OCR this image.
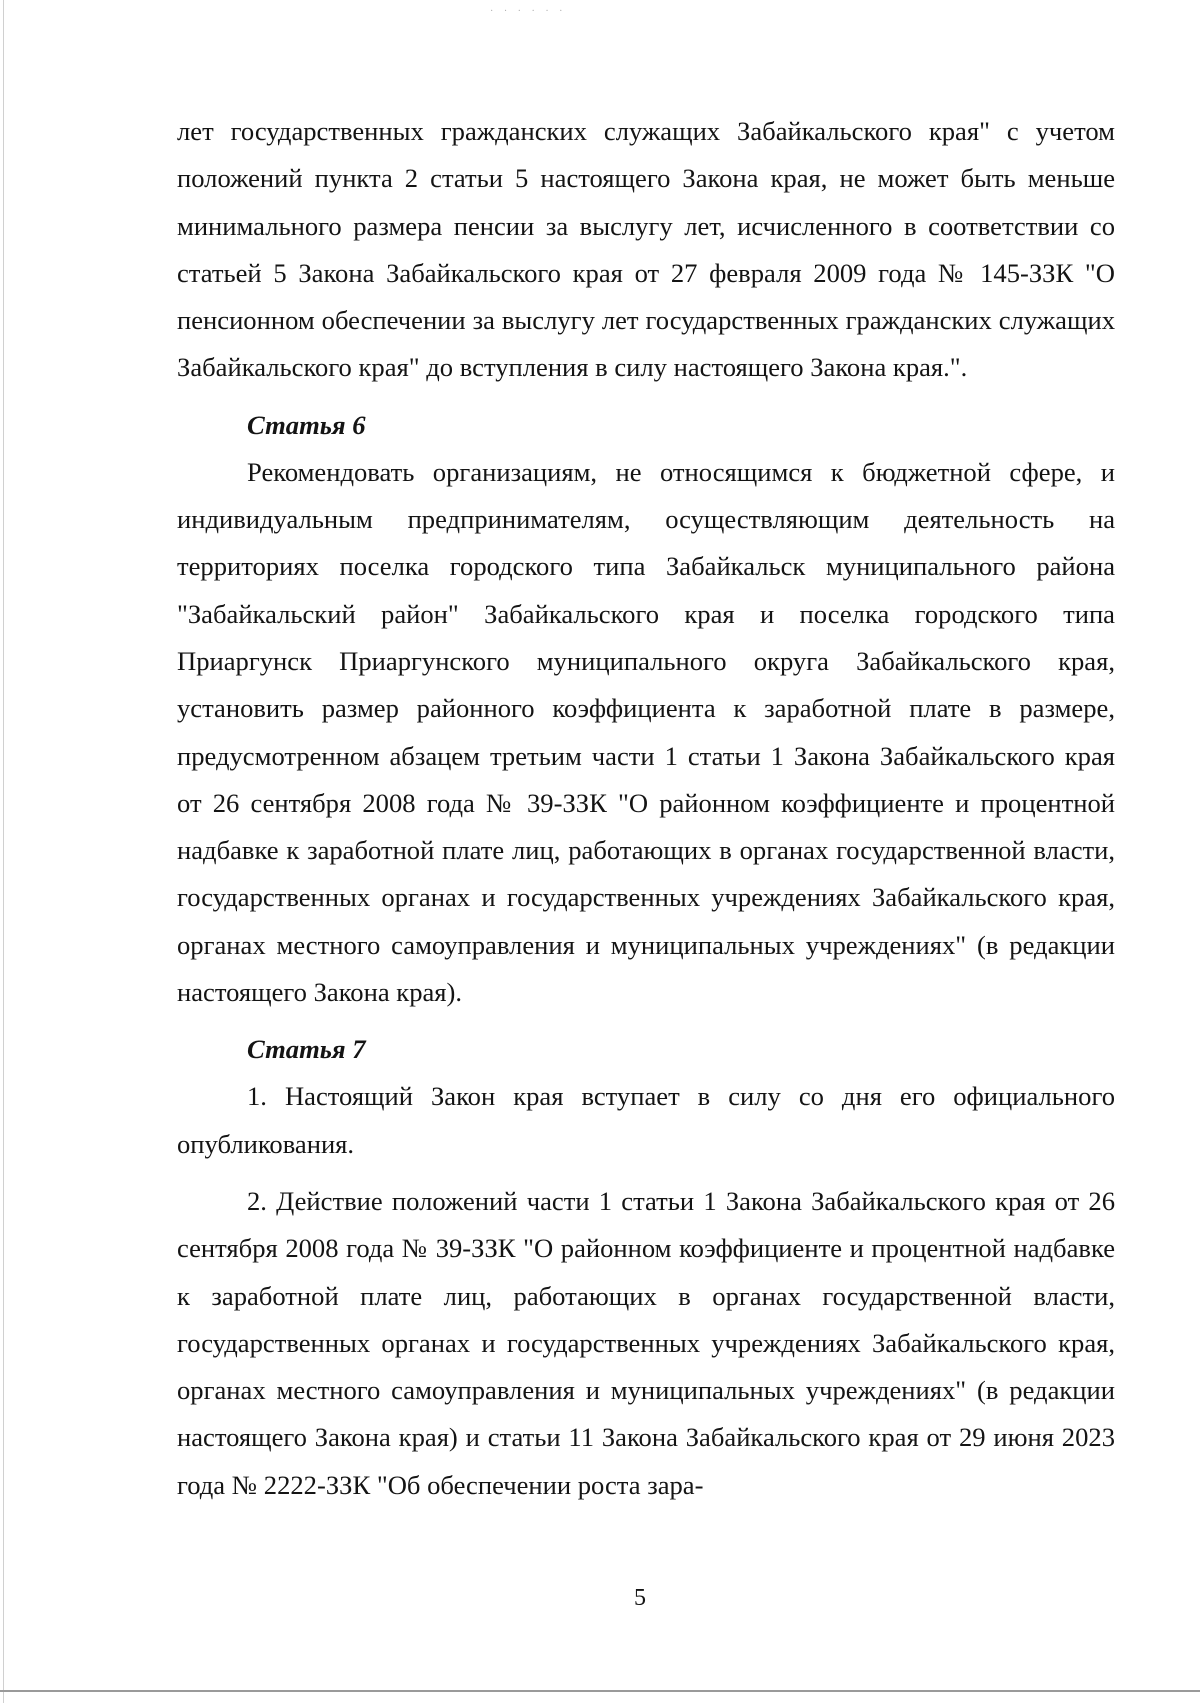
· · · · · ·

лет государственных гражданских служащих Забайкальского края" с учетом положений пункта 2 статьи 5 настоящего Закона края, не может быть меньше минимального размера пенсии за выслугу лет, исчисленного в соответствии со статьей 5 Закона Забайкальского края от 27 февраля 2009 года № 145-ЗЗК "О пенсионном обеспечении за выслугу лет государственных гражданских служащих Забайкальского края" до вступления в силу настоящего Закона края.".

Статья 6

Рекомендовать организациям, не относящимся к бюджетной сфере, и индивидуальным предпринимателям, осуществляющим деятельность на территориях поселка городского типа Забайкальск муниципального района "Забайкальский район" Забайкальского края и поселка городского типа Приаргунск Приаргунского муниципального округа Забайкальского края, установить размер районного коэффициента к заработной плате в размере, предусмотренном абзацем третьим части 1 статьи 1 Закона Забайкальского края от 26 сентября 2008 года № 39-ЗЗК "О районном коэффициенте и процентной надбавке к заработной плате лиц, работающих в органах государственной власти, государственных органах и государственных учреждениях Забайкальского края, органах местного самоуправления и муниципальных учреждениях" (в редакции настоящего Закона края).

Статья 7

1. Настоящий Закон края вступает в силу со дня его официального опубликования.

2. Действие положений части 1 статьи 1 Закона Забайкальского края от 26 сентября 2008 года № 39-ЗЗК "О районном коэффициенте и процентной надбавке к заработной плате лиц, работающих в органах государственной власти, государственных органах и государственных учреждениях Забайкальского края, органах местного самоуправления и муниципальных учреждениях" (в редакции настоящего Закона края) и статьи 11 Закона Забайкальского края от 29 июня 2023 года № 2222-ЗЗК "Об обеспечении роста зара-

5
